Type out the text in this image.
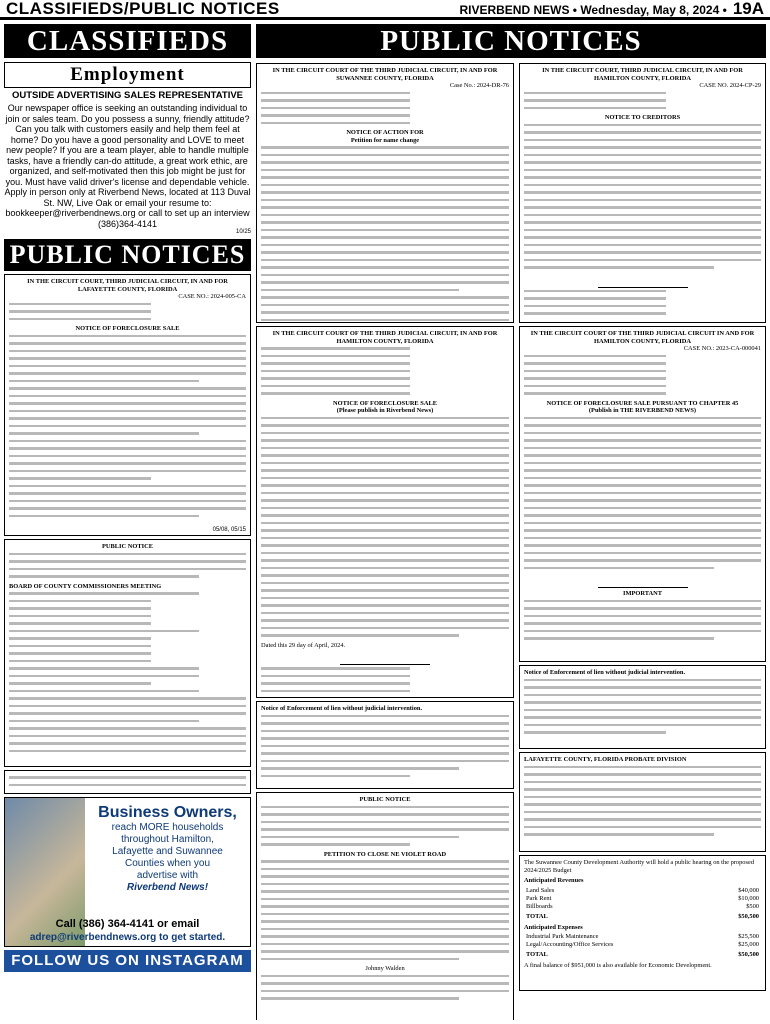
CLASSIFIEDS/PUBLIC NOTICES	RIVERBEND NEWS • Wednesday, May 8, 2024 • 19A
PUBLIC NOTICES
CLASSIFIEDS
Employment
OUTSIDE ADVERTISING SALES REPRESENTATIVE
Our newspaper office is seeking an outstanding individual to join or sales team. Do you possess a sunny, friendly attitude? Can you talk with customers easily and help them feel at home? Do you have a good personality and LOVE to meet new people? If you are a team player, able to handle multiple tasks, have a friendly can-do attitude, a great work ethic, are organized, and self-motivated then this job might be just for you. Must have valid driver's license and dependable vehicle. Apply in person only at Riverbend News, located at 113 Duval St. NW, Live Oak or email your resume to: bookkeeper@riverbendnews.org or call to set up an interview (386)364-4141
10/25
PUBLIC NOTICES
IN THE CIRCUIT COURT, THIRD JUDICIAL CIRCUIT, IN AND FOR LAFAYETTE COUNTY, FLORIDA
CASE NO.: 2024-005-CA
NOTICE OF FORECLOSURE SALE
05/08, 05/15
PUBLIC NOTICE
BOARD OF COUNTY COMMISSIONERS MEETING
Business Owners,
reach MORE households
throughout Hamilton,
Lafayette and Suwannee
Counties when you
advertise with
Riverbend News!
Call (386) 364-4141 or email
adrep@riverbendnews.org to get started.
FOLLOW US ON INSTAGRAM
IN THE CIRCUIT COURT OF THE THIRD JUDICIAL CIRCUIT, IN AND FOR SUWANNEE COUNTY, FLORIDA
Case No.: 2024-DR-76
NOTICE OF ACTION FOR
Petition for name change
IN THE CIRCUIT COURT OF THE THIRD JUDICIAL CIRCUIT, IN AND FOR HAMILTON COUNTY, FLORIDA
NOTICE OF FORECLOSURE SALE
(Please publish in Riverbend News)
Dated this 29 day of April, 2024.
Notice of Enforcement of lien without judicial intervention.
PUBLIC NOTICE
PETITION TO CLOSE NE VIOLET ROAD
Johnny Walden
IN THE CIRCUIT COURT, THIRD JUDICIAL CIRCUIT, IN AND FOR HAMILTON COUNTY, FLORIDA
CASE NO. 2024-CP-29
NOTICE TO CREDITORS
IN THE CIRCUIT COURT OF THE THIRD JUDICIAL CIRCUIT IN AND FOR HAMILTON COUNTY, FLORIDA
CASE NO.: 2023-CA-000041
NOTICE OF FORECLOSURE SALE PURSUANT TO CHAPTER 45
(Publish in THE RIVERBEND NEWS)
IMPORTANT
Notice of Enforcement of lien without judicial intervention.
LAFAYETTE COUNTY, FLORIDA PROBATE DIVISION
The Suwannee County Development Authority will hold a public hearing on the proposed 2024/2025 Budget
Anticipated Revenues
Land Sales	$40,000
Park Rent	$10,000
Billboards	$500
TOTAL	$50,500
Anticipated Expenses
Industrial Park Maintenance	$25,500
Legal/Accounting/Office Services	$25,000
TOTAL	$50,500
A final balance of $951,000 is also available for Economic Development.
